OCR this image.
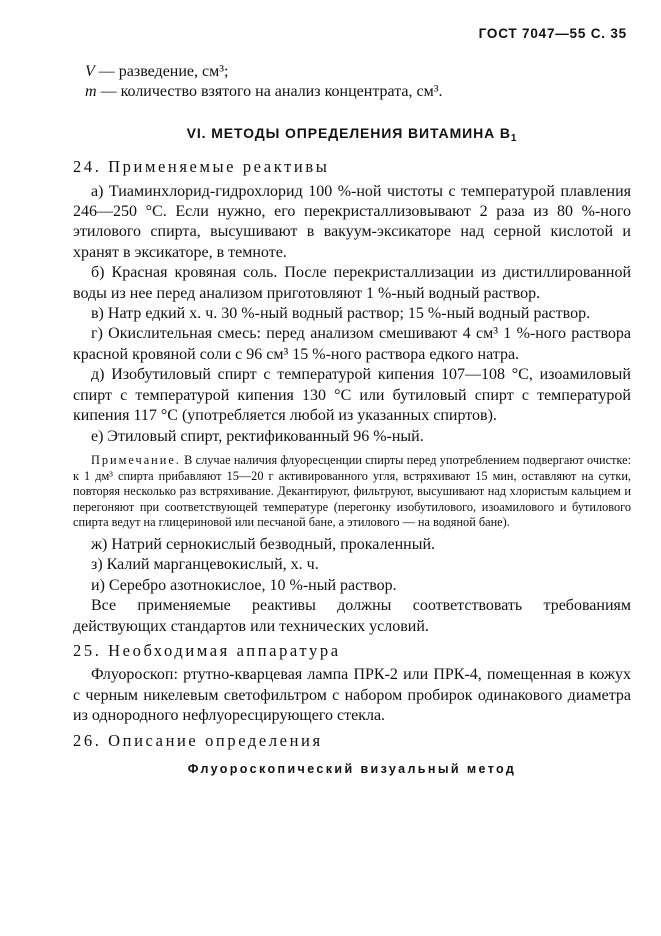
ГОСТ 7047—55 С. 35

V — разведение, см³;

m — количество взятого на анализ концентрата, см³.

VI. МЕТОДЫ ОПРЕДЕЛЕНИЯ ВИТАМИНА $B_1$
24. Применяемые реактивы

а) Тиаминхлорид-гидрохлорид 100 %-ной чистоты с температурой плавления 246—250 °С. Если нужно, его перекристаллизовывают 2 раза из 80 %-ного этилового спирта, высушивают в вакуум-эксикаторе над серной кислотой и хранят в эксикаторе, в темноте.

б) Красная кровяная соль. После перекристаллизации из дистиллированной воды из нее перед анализом приготовляют 1 %-ный водный раствор.

в) Натр едкий х. ч. 30 %-ный водный раствор; 15 %-ный водный раствор.

г) Окислительная смесь: перед анализом смешивают 4 см³ 1 %-ного раствора красной кровяной соли с 96 см³ 15 %-ного раствора едкого натра.

д) Изобутиловый спирт с температурой кипения 107—108 °С, изоамиловый спирт с температурой кипения 130 °С или бутиловый спирт с температурой кипения 117 °С (употребляется любой из указанных спиртов).

е) Этиловый спирт, ректификованный 96 %-ный.

Примечание. В случае наличия флуоресценции спирты перед употреблением подвергают очистке: к 1 дм³ спирта прибавляют 15—20 г активированного угля, встряхивают 15 мин, оставляют на сутки, повторяя несколько раз встряхивание. Декантируют, фильтруют, высушивают над хлористым кальцием и перегоняют при соответствующей температуре (перегонку изобутилового, изоамилового и бутилового спирта ведут на глицериновой или песчаной бане, а этилового — на водяной бане).

ж) Натрий сернокислый безводный, прокаленный.

з) Калий марганцевокислый, х. ч.

и) Серебро азотнокислое, 10 %-ный раствор.

Все применяемые реактивы должны соответствовать требованиям действующих стандартов или технических условий.

25. Необходимая аппаратура

Флуороскоп: ртутно-кварцевая лампа ПРК-2 или ПРК-4, помещенная в кожух с черным никелевым светофильтром с набором пробирок одинакового диаметра из однородного нефлуоресцирующего стекла.

26. Описание определения
Флуороскопический визуальный метод
